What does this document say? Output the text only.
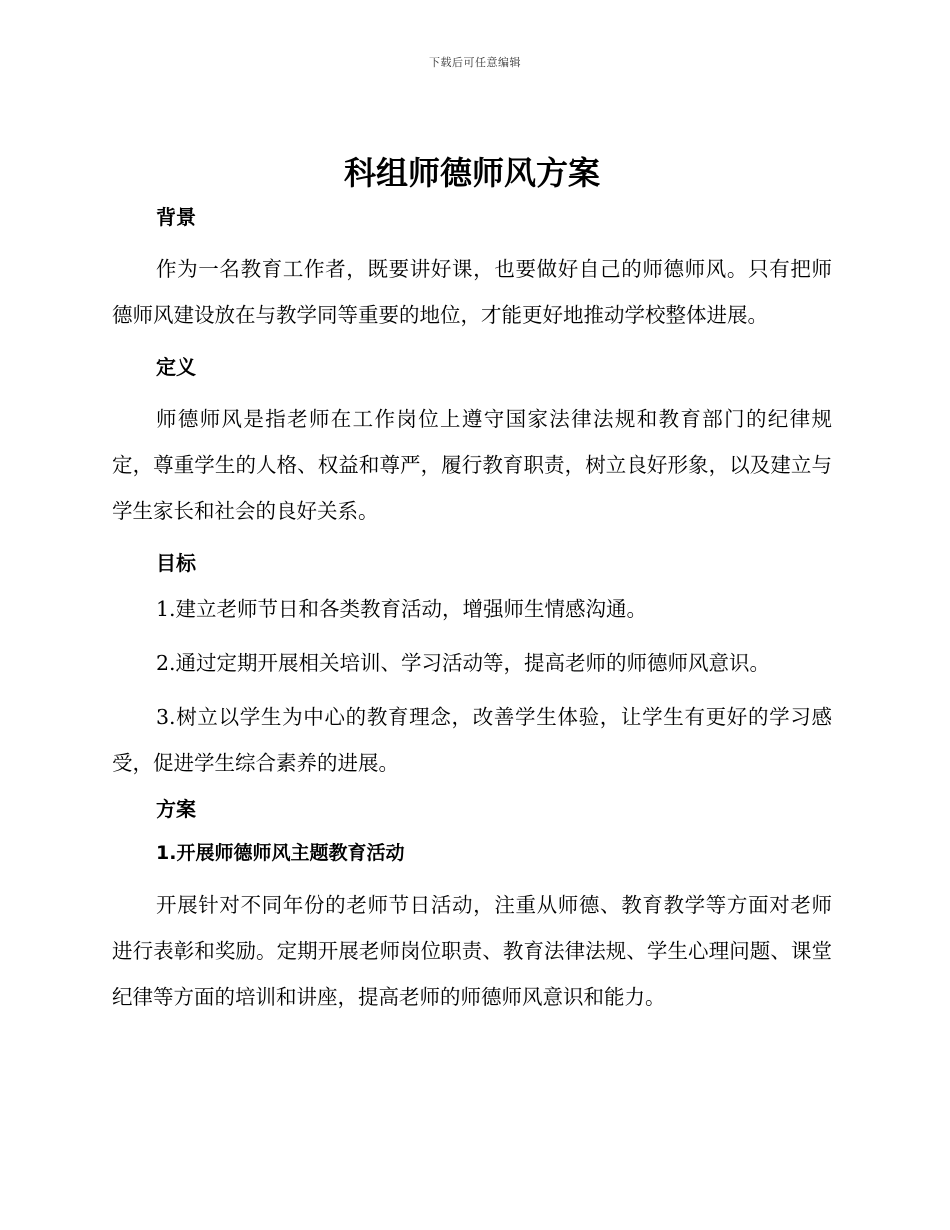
下载后可任意编辑
科组师德师风方案
背景

作为一名教育工作者，既要讲好课，也要做好自己的师德师风。只有把师德师风建设放在与教学同等重要的地位，才能更好地推动学校整体进展。

定义

师德师风是指老师在工作岗位上遵守国家法律法规和教育部门的纪律规定，尊重学生的人格、权益和尊严，履行教育职责，树立良好形象，以及建立与学生家长和社会的良好关系。

目标

1.建立老师节日和各类教育活动，增强师生情感沟通。

2.通过定期开展相关培训、学习活动等，提高老师的师德师风意识。

3.树立以学生为中心的教育理念，改善学生体验，让学生有更好的学习感受，促进学生综合素养的进展。

方案
1.开展师德师风主题教育活动

开展针对不同年份的老师节日活动，注重从师德、教育教学等方面对老师进行表彰和奖励。定期开展老师岗位职责、教育法律法规、学生心理问题、课堂纪律等方面的培训和讲座，提高老师的师德师风意识和能力。
